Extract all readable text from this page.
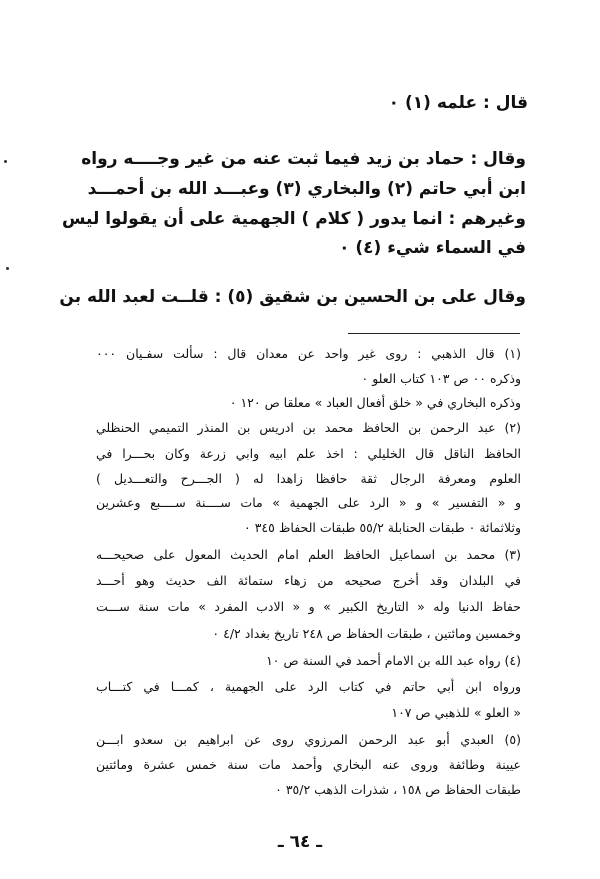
قال : علمه (١) ٠
وقال : حماد بن زيد فيما ثبت عنه من غير وجــــه رواه
ابن أبي حاتم (٢) والبخاري (٣) وعبـــد الله بن أحمـــد
وغيرهم : انما يدور ( كلام ) الجهمية على أن يقولوا ليس
في السماء شيء (٤) ٠
وقال على بن الحسين بن شقيق (٥) : قلــت لعبد الله بن
(١) قال الذهبي : روى غير واحد عن معدان قال : سألت سفـيان ٠٠٠
وذكره ٠٠ ص ١٠٣ كتاب العلو ٠
وذكره البخاري في « خلق أفعال العباد » معلقا ص ١٢٠ ٠
(٢) عبد الرحمن بن الحافظ محمد بن ادريس بن المنذر التميمي الحنظلي
الحافظ الناقل قال الخليلي : اخذ علم ابيه وابي زرعة وكان بحـــرا في
العلوم ومعرفة الرجال ثقة حافظا زاهدا له ( الجـــرح والتعـــديل )
و « التفسير » و « الرد على الجهمية » مات ســــنة ســــبع وعشرين
وثلاثمائة ٠ طبقات الحنابلة ٥٥/٢ طبقات الحفاظ ٣٤٥ ٠
(٣) محمد بن اسماعيل الحافظ العلم امام الحديث المعول على صحيحـــه
في البلدان وقد أخرج صحيحه من زهاء ستمائة الف حديث وهو أحـــد
حفاظ الدنيا وله « التاريخ الكبير » و « الادب المفرد » مات سنة ســـت
وخمسين ومائتين ، طبقات الحفاظ ص ٢٤٨ تاريخ بغداد ٤/٢ ٠
(٤) رواه عبد الله بن الامام أحمد في السنة ص ١٠
ورواه ابن أبي حاتم في كتاب الرد على الجهمية ، كمـــا في كتـــاب
« العلو » للذهبي ص ١٠٧
(٥) العبدي أبو عبد الرحمن المرزوي روى عن ابراهيم بن سعدو ابـــن
عيينة وطائفة وروى عنه البخاري وأحمد مات سنة خمس عشرة ومائتين
طبقات الحفاظ ص ١٥٨ ، شذرات الذهب ٣٥/٢ ٠
ـ ٦٤ ـ
